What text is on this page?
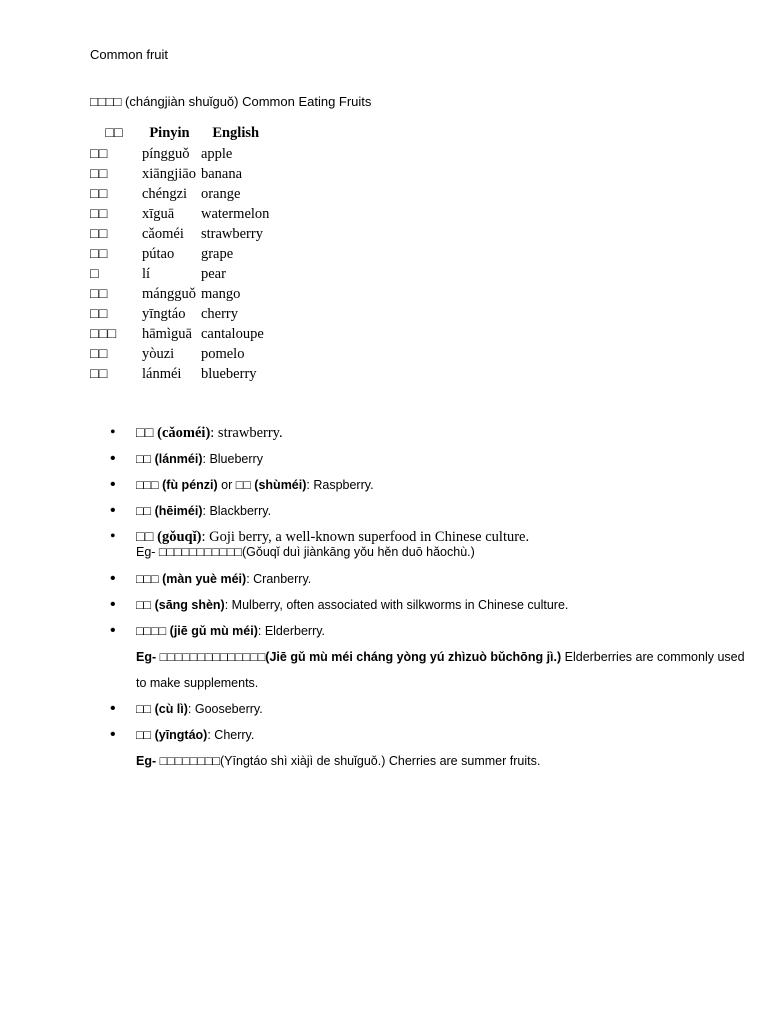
Common fruit
□□□□ (chángjiàn shuǐguǒ) Common Eating Fruits
□□	Pinyin	English
□□	píngguǒ	apple
□□	xiāngjiāo	banana
□□	chéngzi	orange
□□	xīguā	watermelon
□□	cǎoméi	strawberry
□□	pútao	grape
□	lí	pear
□□	mángguǒ	mango
□□	yīngtáo	cherry
□□□	hāmìguā	cantaloupe
□□	yòuzi	pomelo
□□	lánméi	blueberry
• □□ (cǎoméi): strawberry.
• □□ (lánméi): Blueberry
• □□□ (fù pénzi) or □□ (shùméi): Raspberry.
• □□ (hēiméi): Blackberry.
• □□ (gǒuqǐ): Goji berry, a well-known superfood in Chinese culture.
Eg- □□□□□□□□□□□(Gǒuqǐ duì jiànkāng yǒu hěn duō hǎochù.)
• □□□ (màn yuè méi): Cranberry.
• □□ (sāng shèn): Mulberry, often associated with silkworms in Chinese culture.
• □□□□ (jiē gǔ mù méi): Elderberry.
Eg- □□□□□□□□□□□□□□(Jiē gǔ mù méi cháng yòng yú zhìzuò bǔchōng jì.) Elderberries are commonly used to make supplements.
• □□ (cù lì): Gooseberry.
• □□ (yīngtáo): Cherry.
Eg- □□□□□□□□(Yīngtáo shì xiàjì de shuǐguǒ.) Cherries are summer fruits.
